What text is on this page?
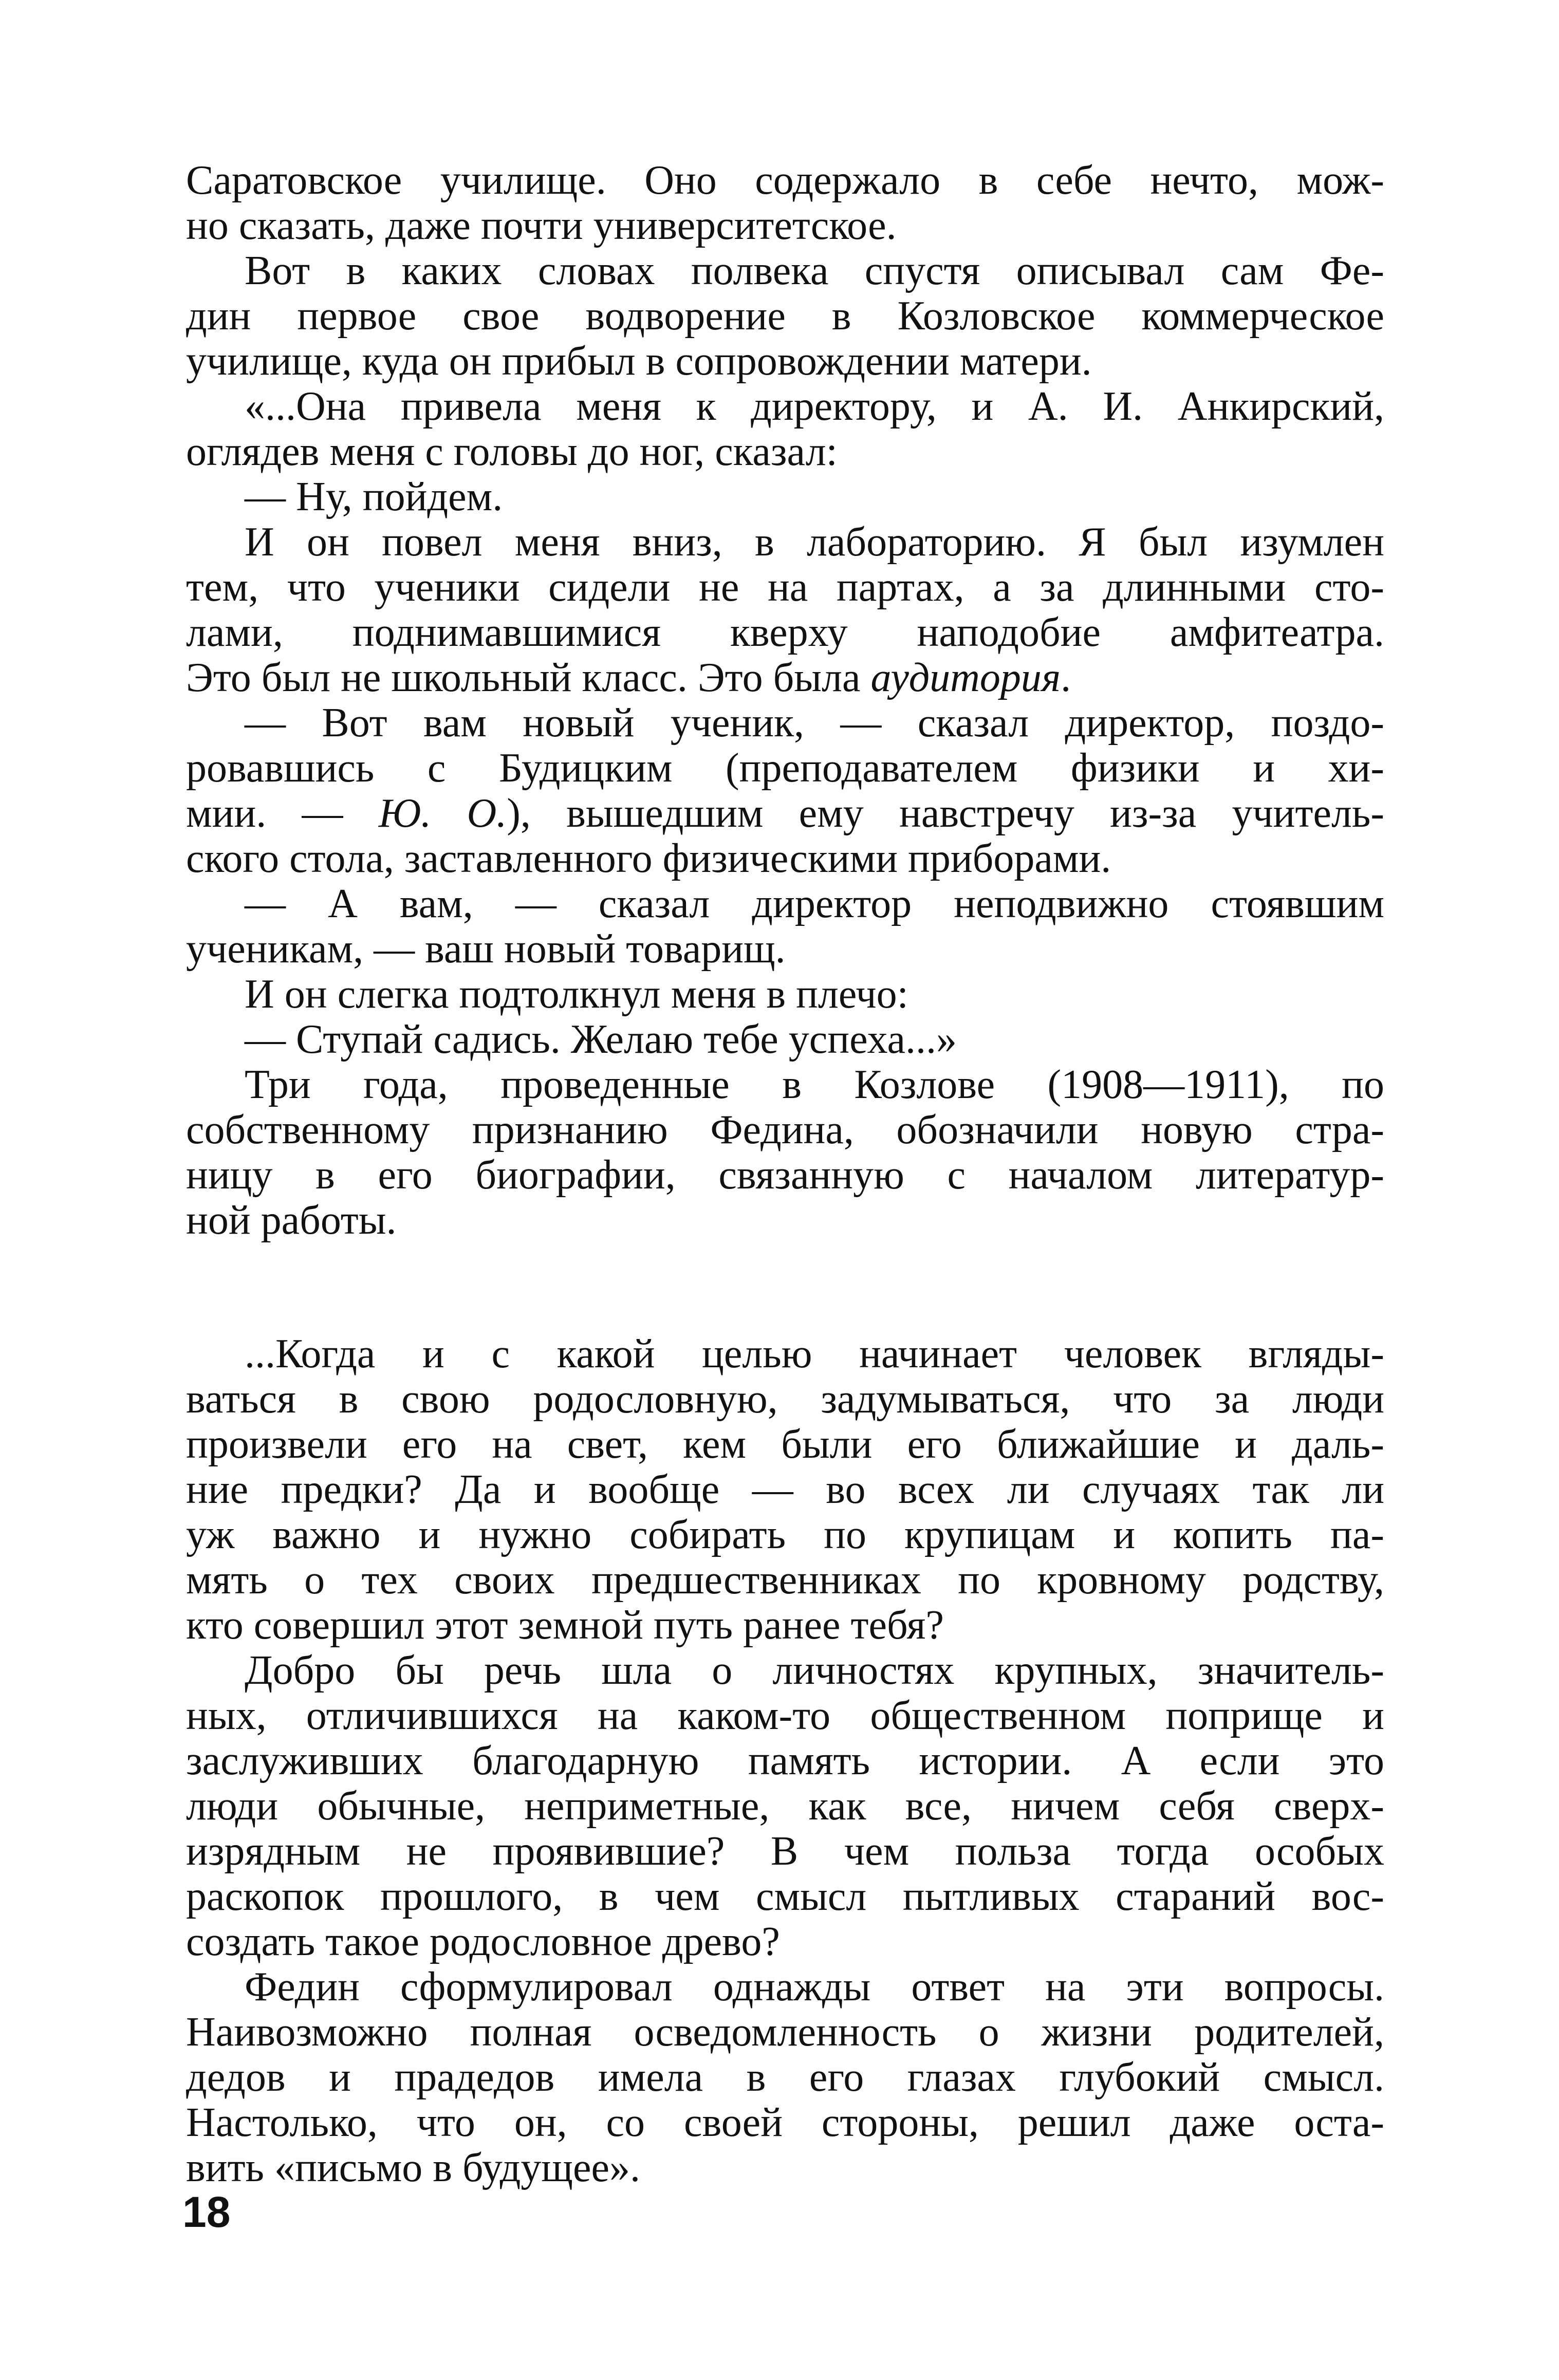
Саратовское училище. Оно содержало в себе нечто, мож-
но сказать, даже почти университетское.
Вот в каких словах полвека спустя описывал сам Фе-
дин первое свое водворение в Козловское коммерческое
училище, куда он прибыл в сопровождении матери.
«...Она привела меня к директору, и А. И. Анкирский,
оглядев меня с головы до ног, сказал:
— Ну, пойдем.
И он повел меня вниз, в лабораторию. Я был изумлен
тем, что ученики сидели не на партах, а за длинными сто-
лами, поднимавшимися кверху наподобие амфитеатра.
Это был не школьный класс. Это была аудитория.
— Вот вам новый ученик, — сказал директор, поздо-
ровавшись с Будицким (преподавателем физики и хи-
мии. — Ю. О.), вышедшим ему навстречу из-за учитель-
ского стола, заставленного физическими приборами.
— А вам, — сказал директор неподвижно стоявшим
ученикам, — ваш новый товарищ.
И он слегка подтолкнул меня в плечо:
— Ступай садись. Желаю тебе успеха...»
Три года, проведенные в Козлове (1908—1911), по
собственному признанию Федина, обозначили новую стра-
ницу в его биографии, связанную с началом литератур-
ной работы.
...Когда и с какой целью начинает человек вгляды-
ваться в свою родословную, задумываться, что за люди
произвели его на свет, кем были его ближайшие и даль-
ние предки? Да и вообще — во всех ли случаях так ли
уж важно и нужно собирать по крупицам и копить па-
мять о тех своих предшественниках по кровному родству,
кто совершил этот земной путь ранее тебя?
Добро бы речь шла о личностях крупных, значитель-
ных, отличившихся на каком-то общественном поприще и
заслуживших благодарную память истории. А если это
люди обычные, неприметные, как все, ничем себя сверх-
изрядным не проявившие? В чем польза тогда особых
раскопок прошлого, в чем смысл пытливых стараний вос-
создать такое родословное древо?
Федин сформулировал однажды ответ на эти вопросы.
Наивозможно полная осведомленность о жизни родителей,
дедов и прадедов имела в его глазах глубокий смысл.
Настолько, что он, со своей стороны, решил даже оста-
вить «письмо в будущее».
18
